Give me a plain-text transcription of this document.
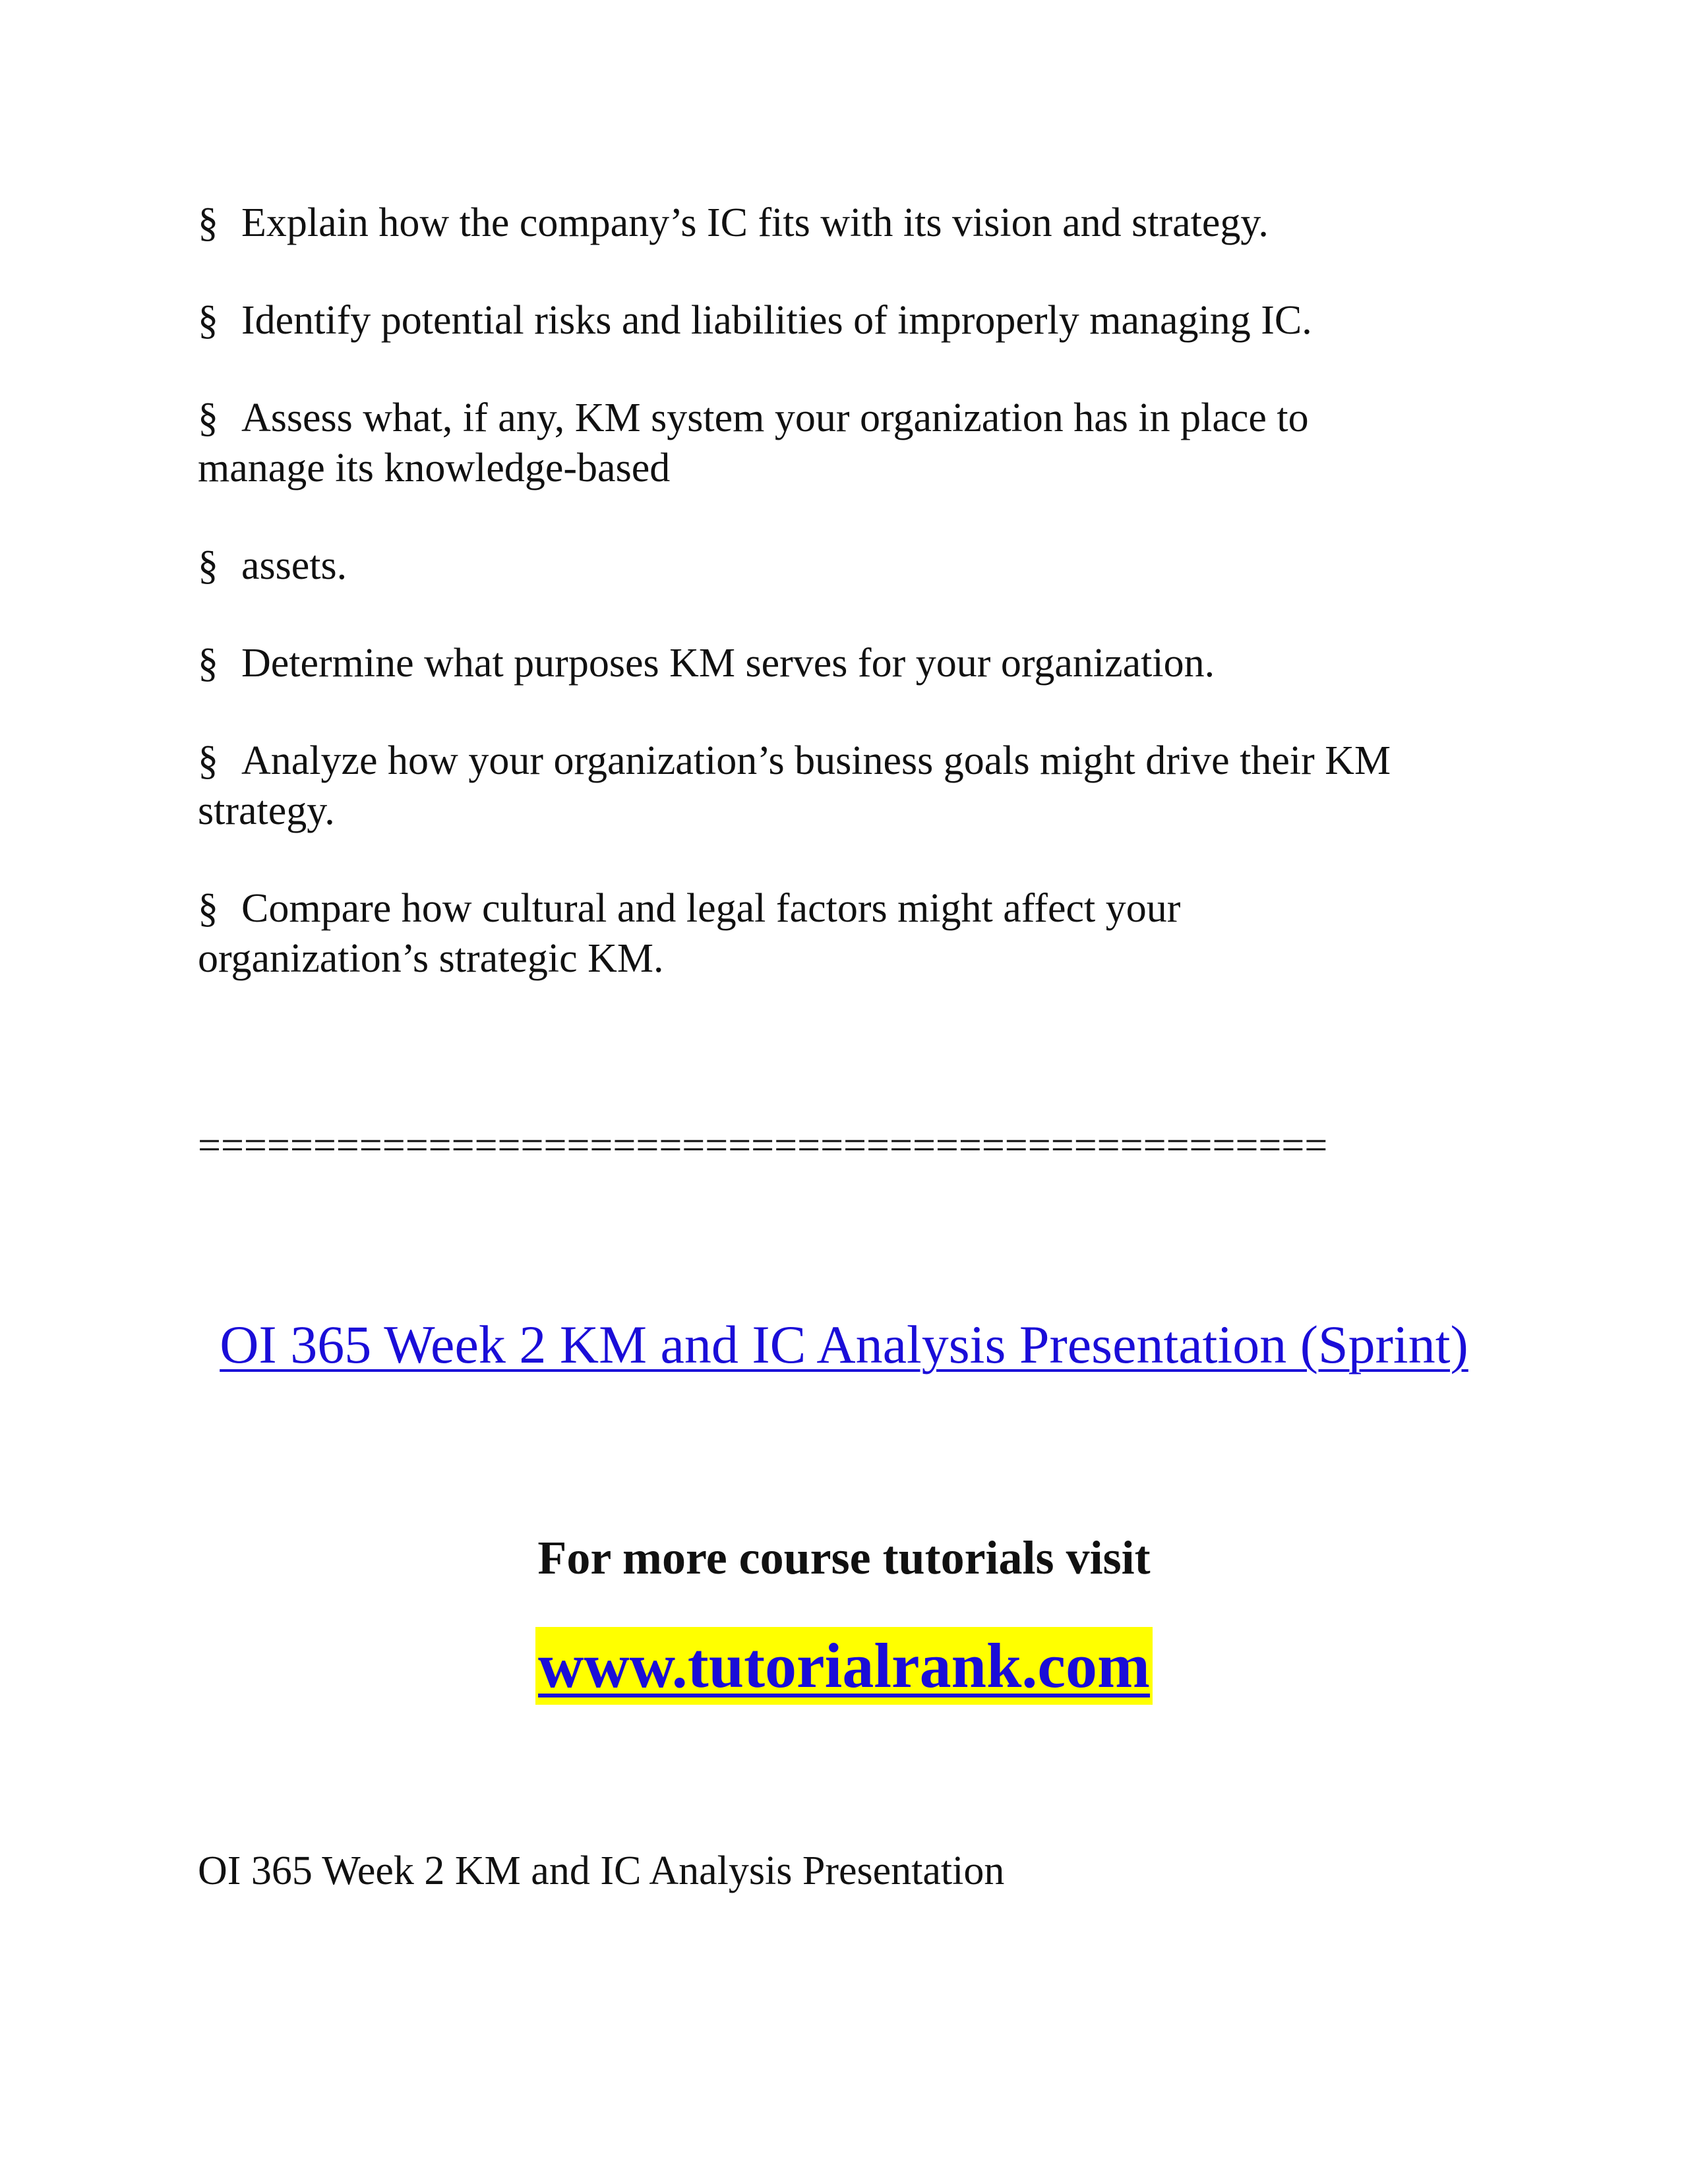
§ Explain how the company’s IC fits with its vision and strategy.
§ Identify potential risks and liabilities of improperly managing IC.
§ Assess what, if any, KM system your organization has in place to manage its knowledge-based
§ assets.
§ Determine what purposes KM serves for your organization.
§ Analyze how your organization’s business goals might drive their KM strategy.
§ Compare how cultural and legal factors might affect your organization’s strategic KM.
=================================================
OI 365 Week 2 KM and IC Analysis Presentation (Sprint)
For more course tutorials visit
www.tutorialrank.com
OI 365 Week 2 KM and IC Analysis Presentation
